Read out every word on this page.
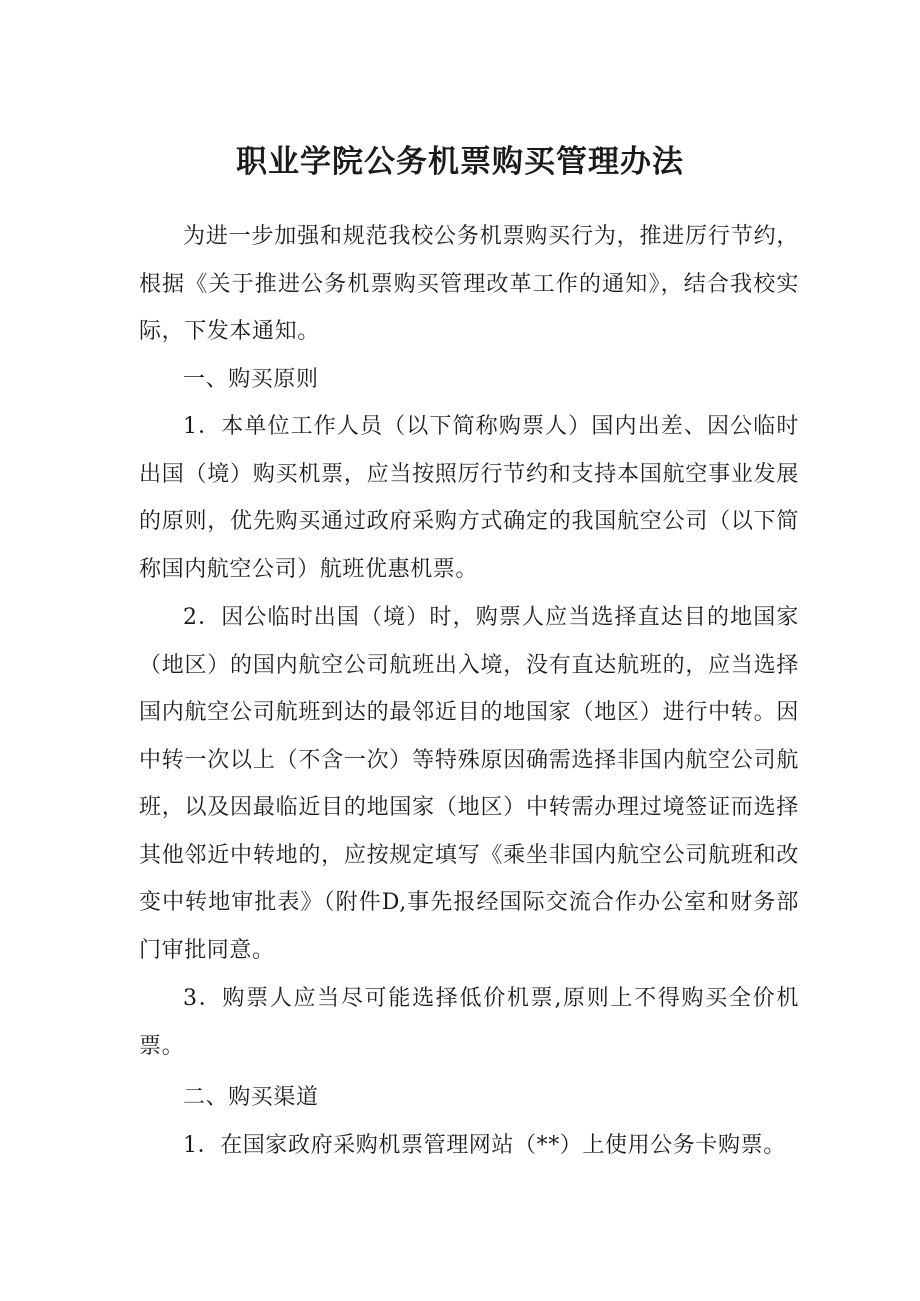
职业学院公务机票购买管理办法

为进一步加强和规范我校公务机票购买行为，推进厉行节约，根据《关于推进公务机票购买管理改革工作的通知》，结合我校实际，下发本通知。

一、购买原则

1．本单位工作人员（以下简称购票人）国内出差、因公临时出国（境）购买机票，应当按照厉行节约和支持本国航空事业发展的原则，优先购买通过政府采购方式确定的我国航空公司（以下简称国内航空公司）航班优惠机票。

2．因公临时出国（境）时，购票人应当选择直达目的地国家（地区）的国内航空公司航班出入境，没有直达航班的，应当选择国内航空公司航班到达的最邻近目的地国家（地区）进行中转。因中转一次以上（不含一次）等特殊原因确需选择非国内航空公司航班，以及因最临近目的地国家（地区）中转需办理过境签证而选择其他邻近中转地的，应按规定填写《乘坐非国内航空公司航班和改变中转地审批表》（附件D,事先报经国际交流合作办公室和财务部门审批同意。

3．购票人应当尽可能选择低价机票,原则上不得购买全价机票。

二、购买渠道

1．在国家政府采购机票管理网站（**）上使用公务卡购票。
